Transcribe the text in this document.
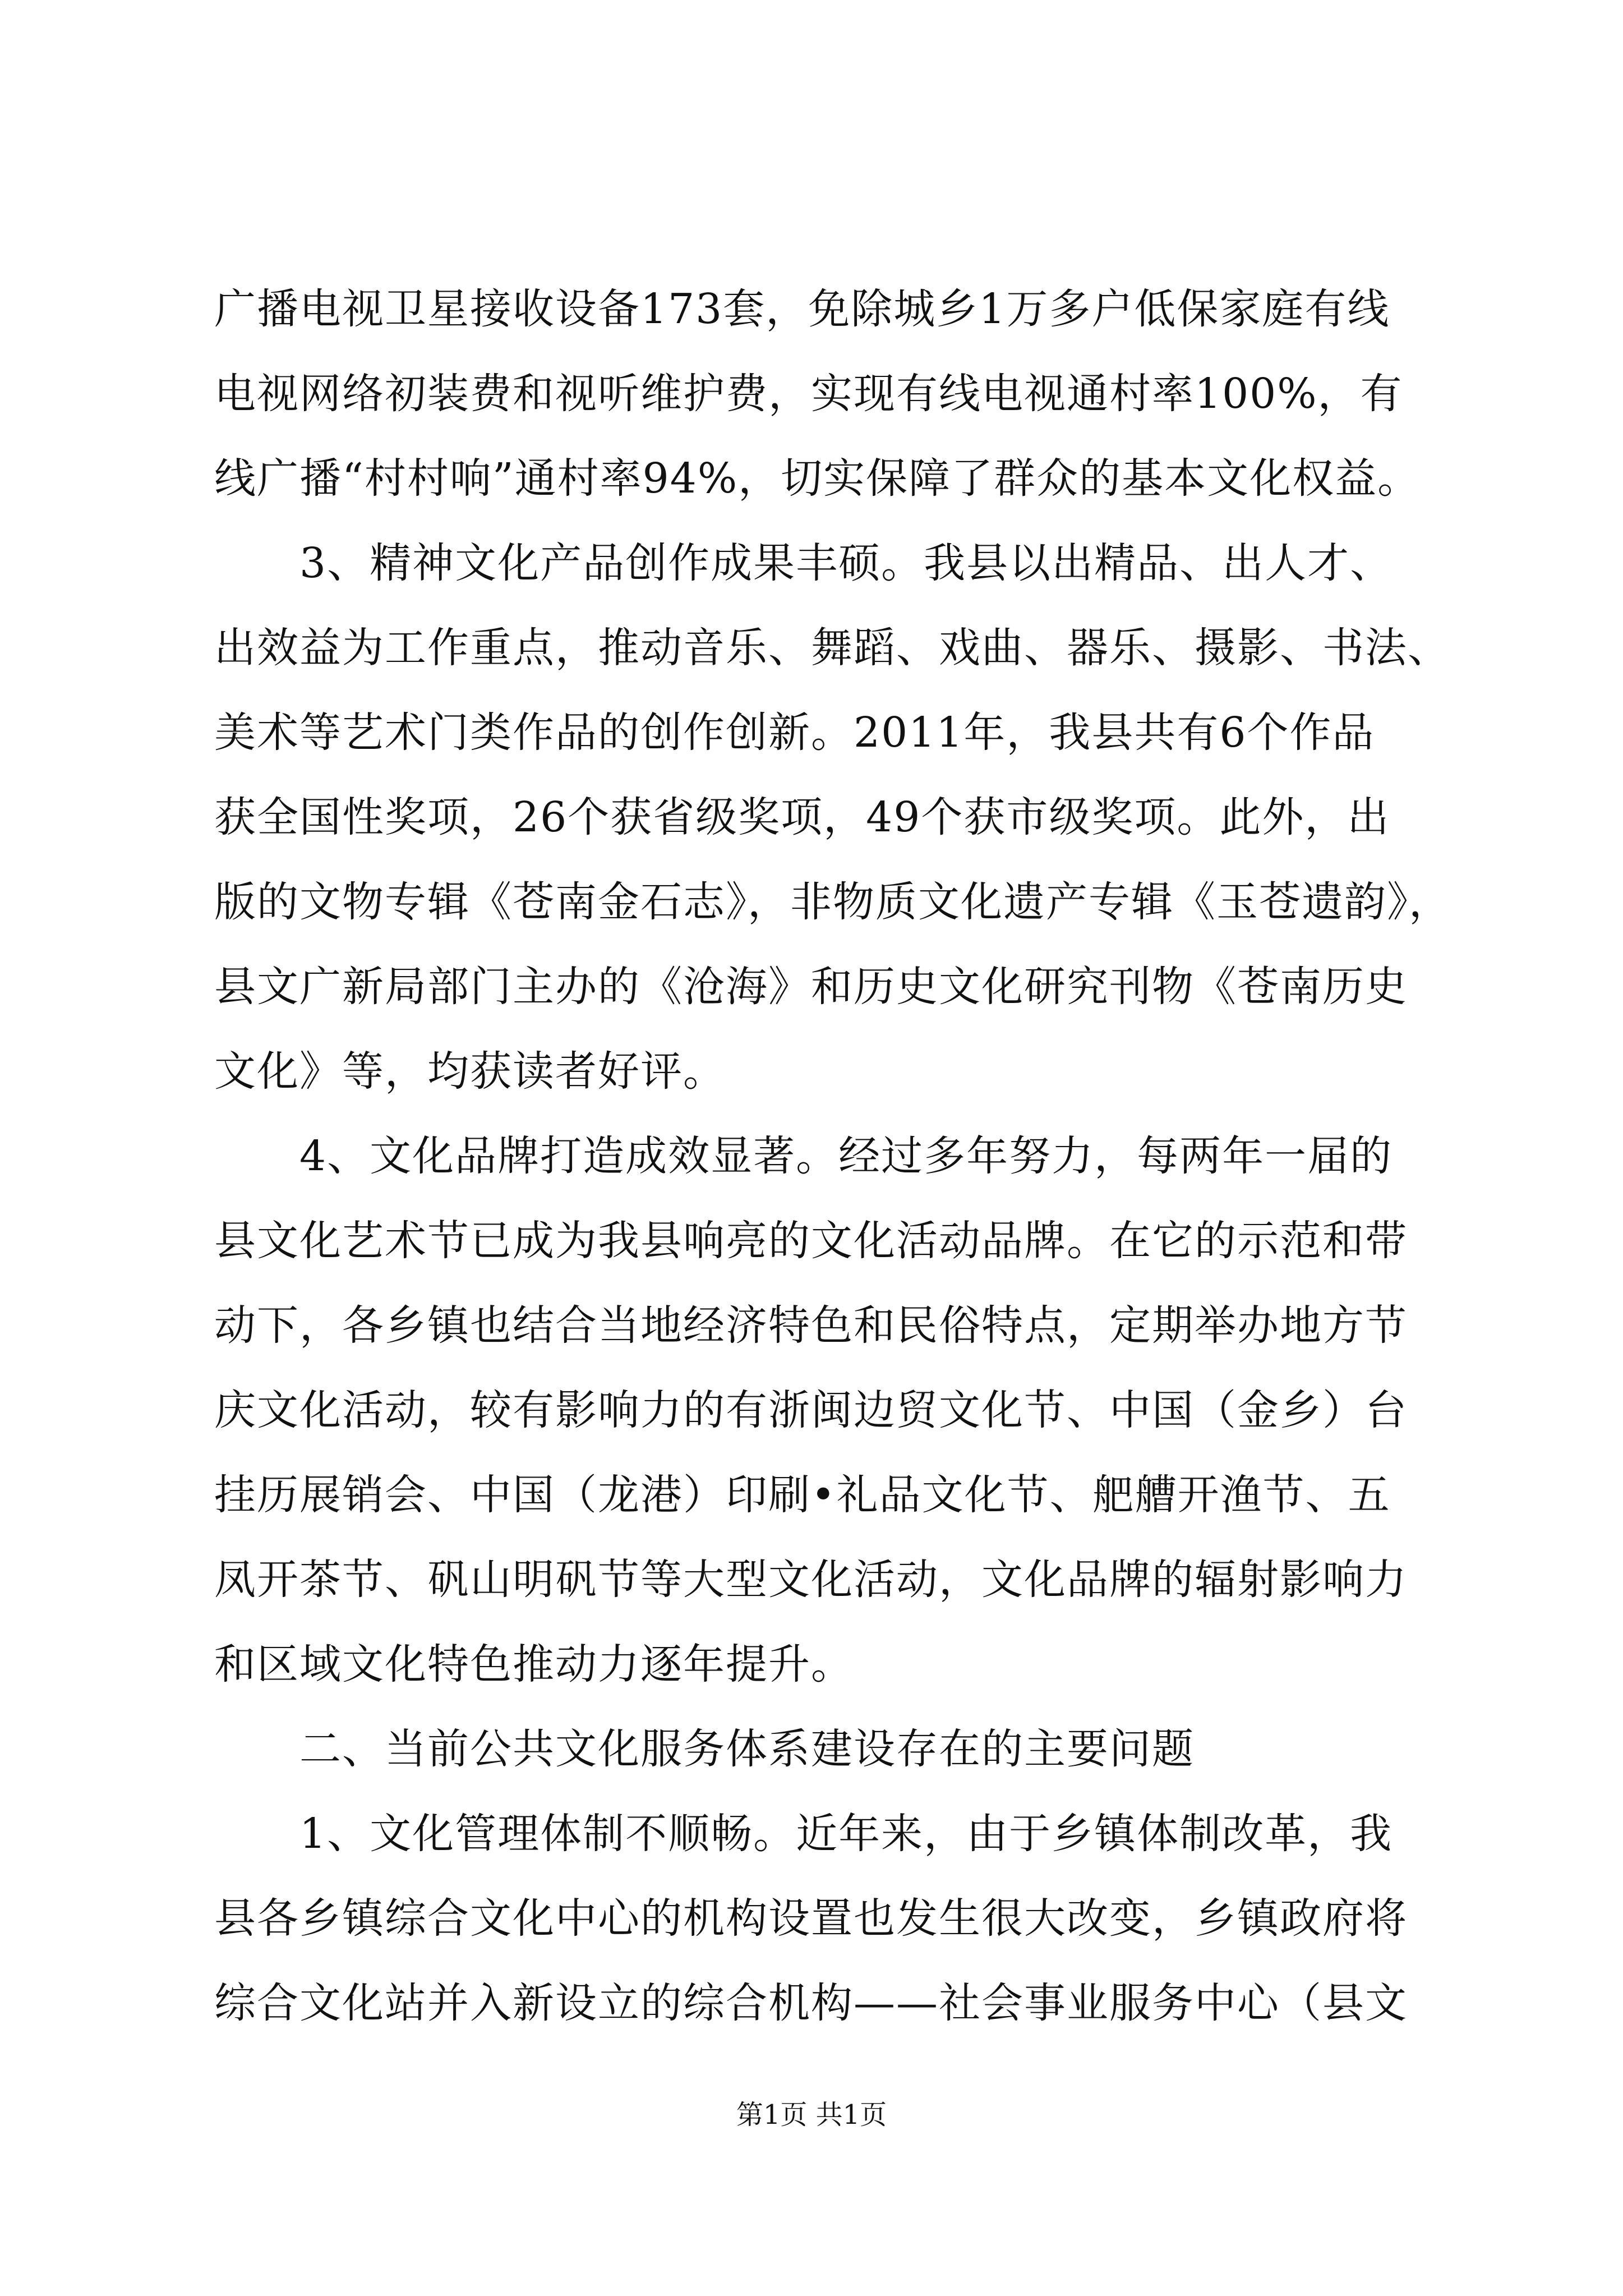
广播电视卫星接收设备173套，免除城乡1万多户低保家庭有线
电视网络初装费和视听维护费，实现有线电视通村率100%，有
线广播“村村响”通村率94%，切实保障了群众的基本文化权益。
　　3、精神文化产品创作成果丰硕。我县以出精品、出人才、
出效益为工作重点，推动音乐、舞蹈、戏曲、器乐、摄影、书法、
美术等艺术门类作品的创作创新。2011年，我县共有6个作品
获全国性奖项，26个获省级奖项，49个获市级奖项。此外，出
版的文物专辑《苍南金石志》，非物质文化遗产专辑《玉苍遗韵》，
县文广新局部门主办的《沧海》和历史文化研究刊物《苍南历史
文化》等，均获读者好评。
　　4、文化品牌打造成效显著。经过多年努力，每两年一届的
县文化艺术节已成为我县响亮的文化活动品牌。在它的示范和带
动下，各乡镇也结合当地经济特色和民俗特点，定期举办地方节
庆文化活动，较有影响力的有浙闽边贸文化节、中国（金乡）台
挂历展销会、中国（龙港）印刷•礼品文化节、舥艚开渔节、五
凤开茶节、矾山明矾节等大型文化活动，文化品牌的辐射影响力
和区域文化特色推动力逐年提升。
　　二、当前公共文化服务体系建设存在的主要问题
　　1、文化管理体制不顺畅。近年来，由于乡镇体制改革，我
县各乡镇综合文化中心的机构设置也发生很大改变，乡镇政府将
综合文化站并入新设立的综合机构——社会事业服务中心（县文
第1页 共1页
